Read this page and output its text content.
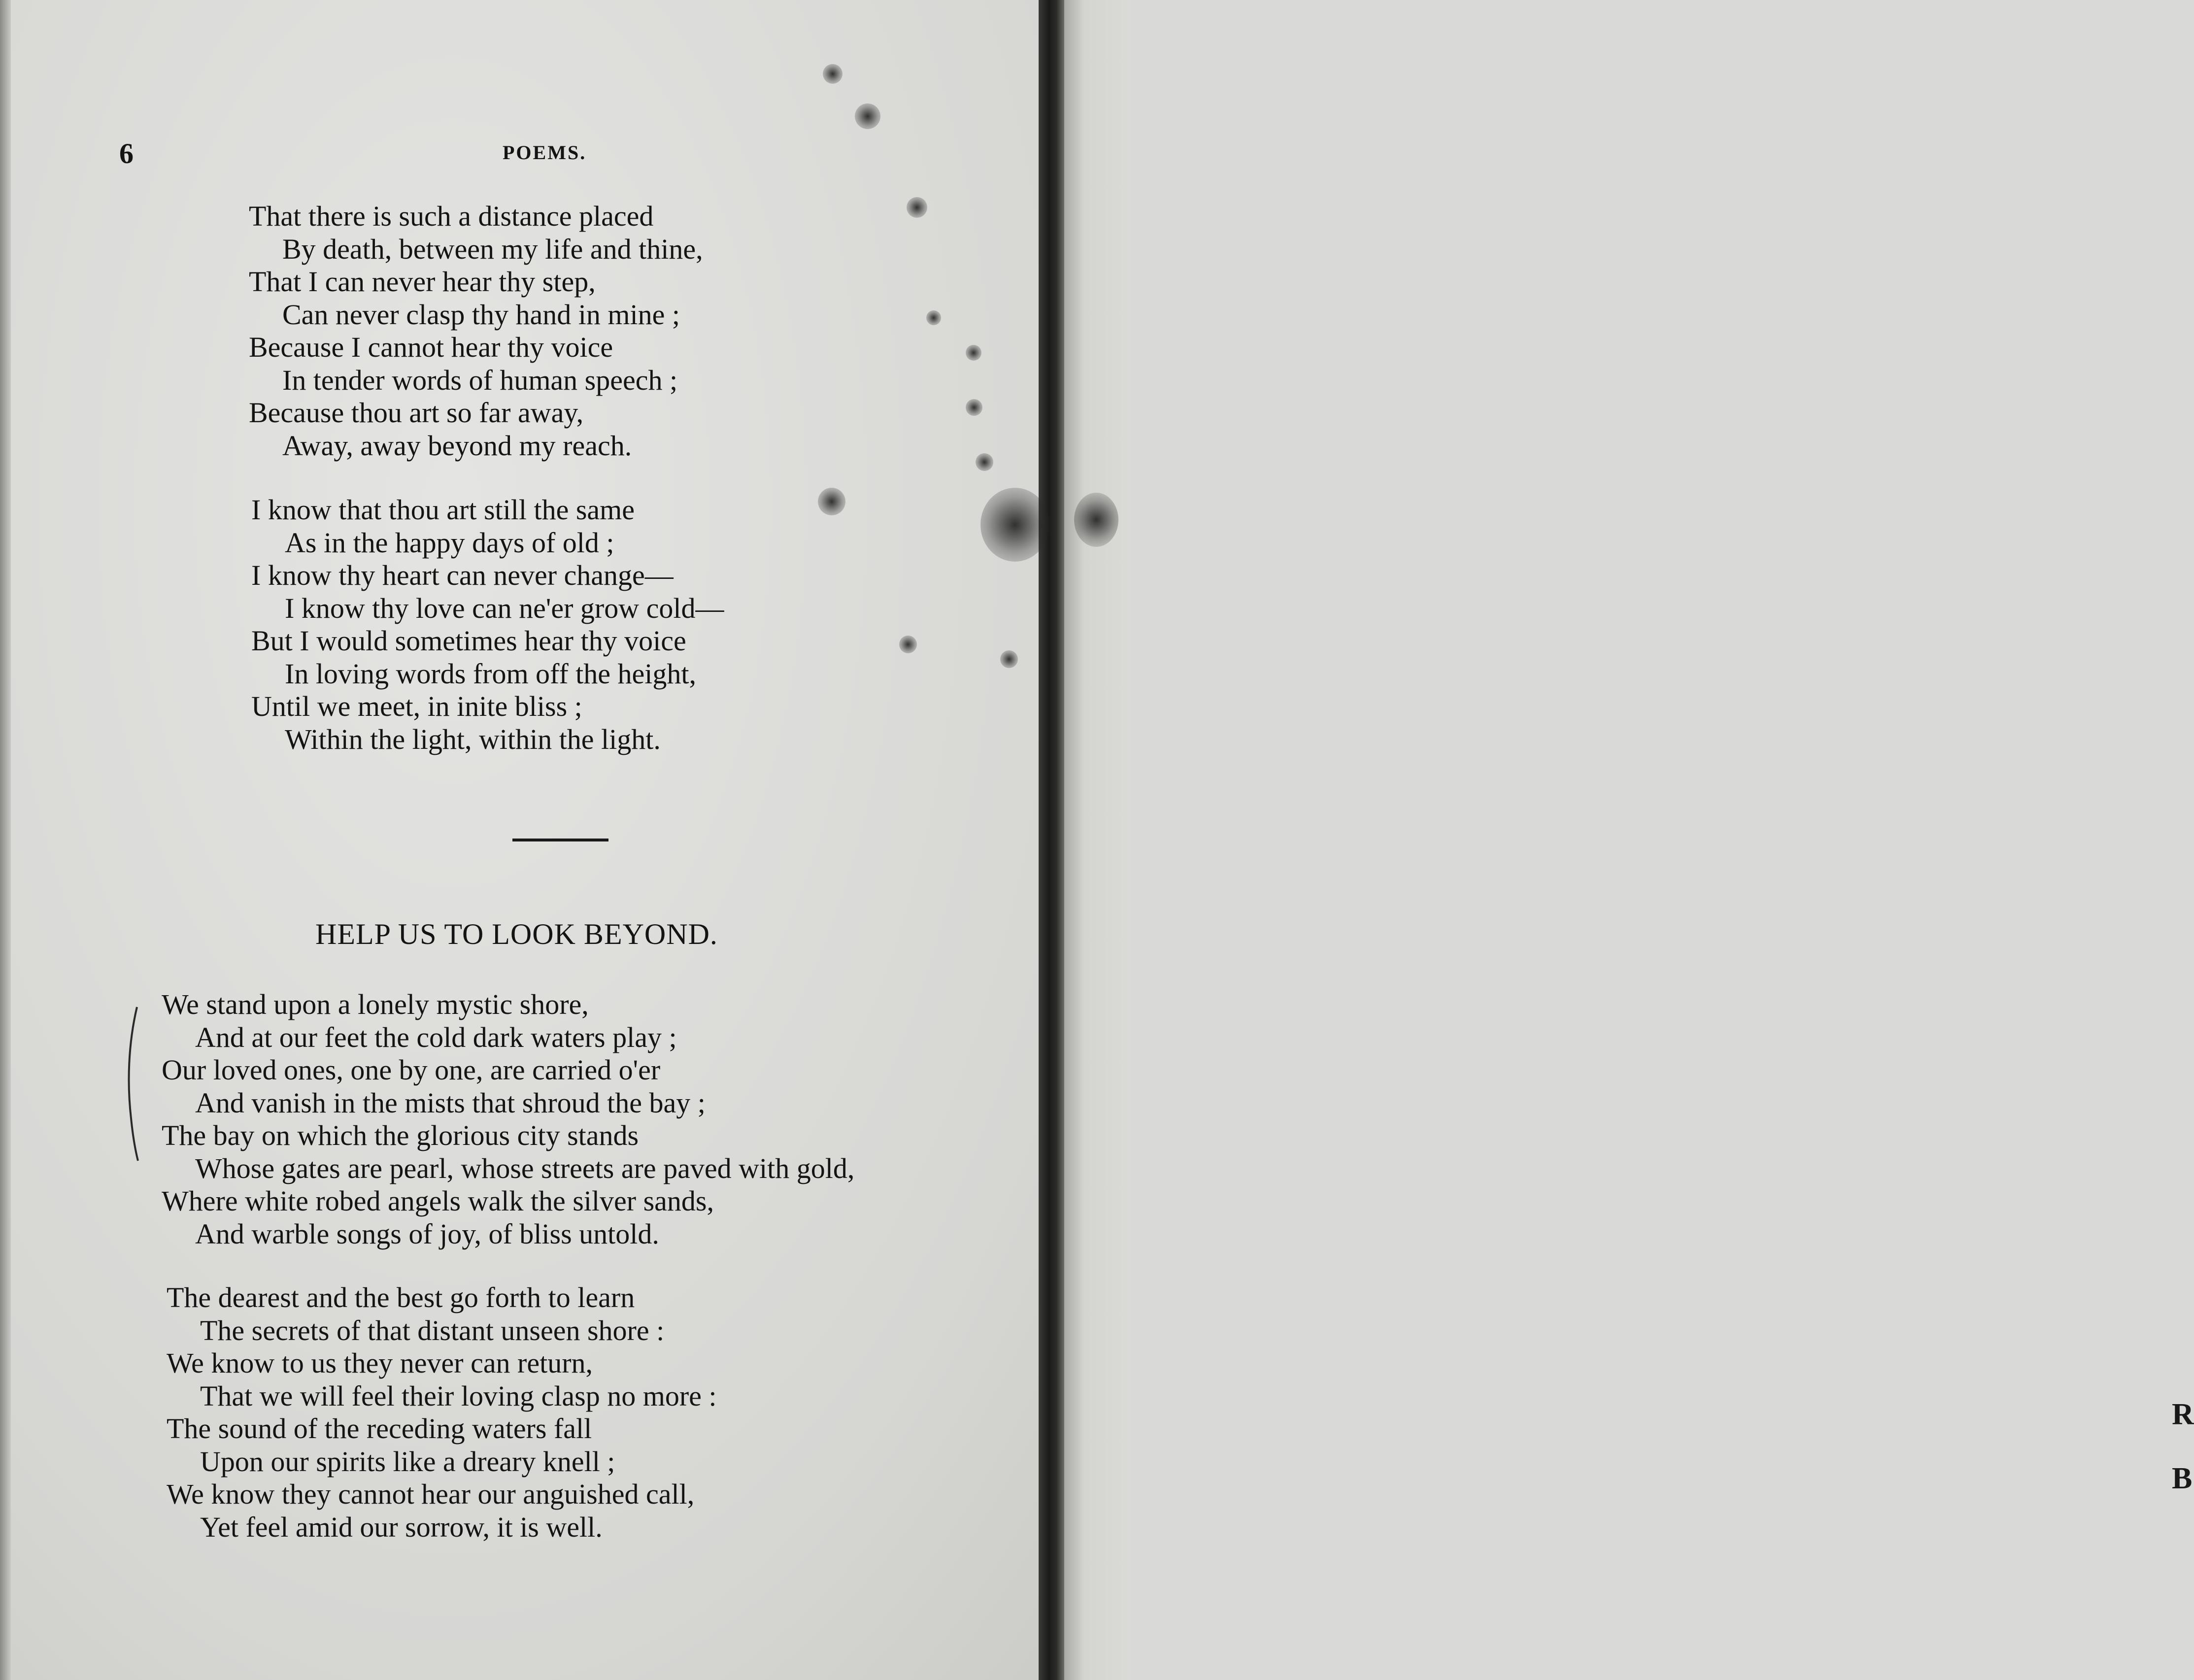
R
B
6	POEMS.
That there is such a distance placed
By death, between my life and thine,
That I can never hear thy step,
Can never clasp thy hand in mine ;
Because I cannot hear thy voice
In tender words of human speech ;
Because thou art so far away,
Away, away beyond my reach.
I know that thou art still the same
As in the happy days of old ;
I know thy heart can never change—
I know thy love can ne'er grow cold—
But I would sometimes hear thy voice
In loving words from off the height,
Until we meet, in inite bliss ;
Within the light, within the light.
HELP US TO LOOK BEYOND.
We stand upon a lonely mystic shore,
And at our feet the cold dark waters play ;
Our loved ones, one by one, are carried o'er
And vanish in the mists that shroud the bay ;
The bay on which the glorious city stands
Whose gates are pearl, whose streets are paved with gold,
Where white robed angels walk the silver sands,
And warble songs of joy, of bliss untold.
The dearest and the best go forth to learn
The secrets of that distant unseen shore :
We know to us they never can return,
That we will feel their loving clasp no more :
The sound of the receding waters fall
Upon our spirits like a dreary knell ;
We know they cannot hear our anguished call,
Yet feel amid our sorrow, it is well.
